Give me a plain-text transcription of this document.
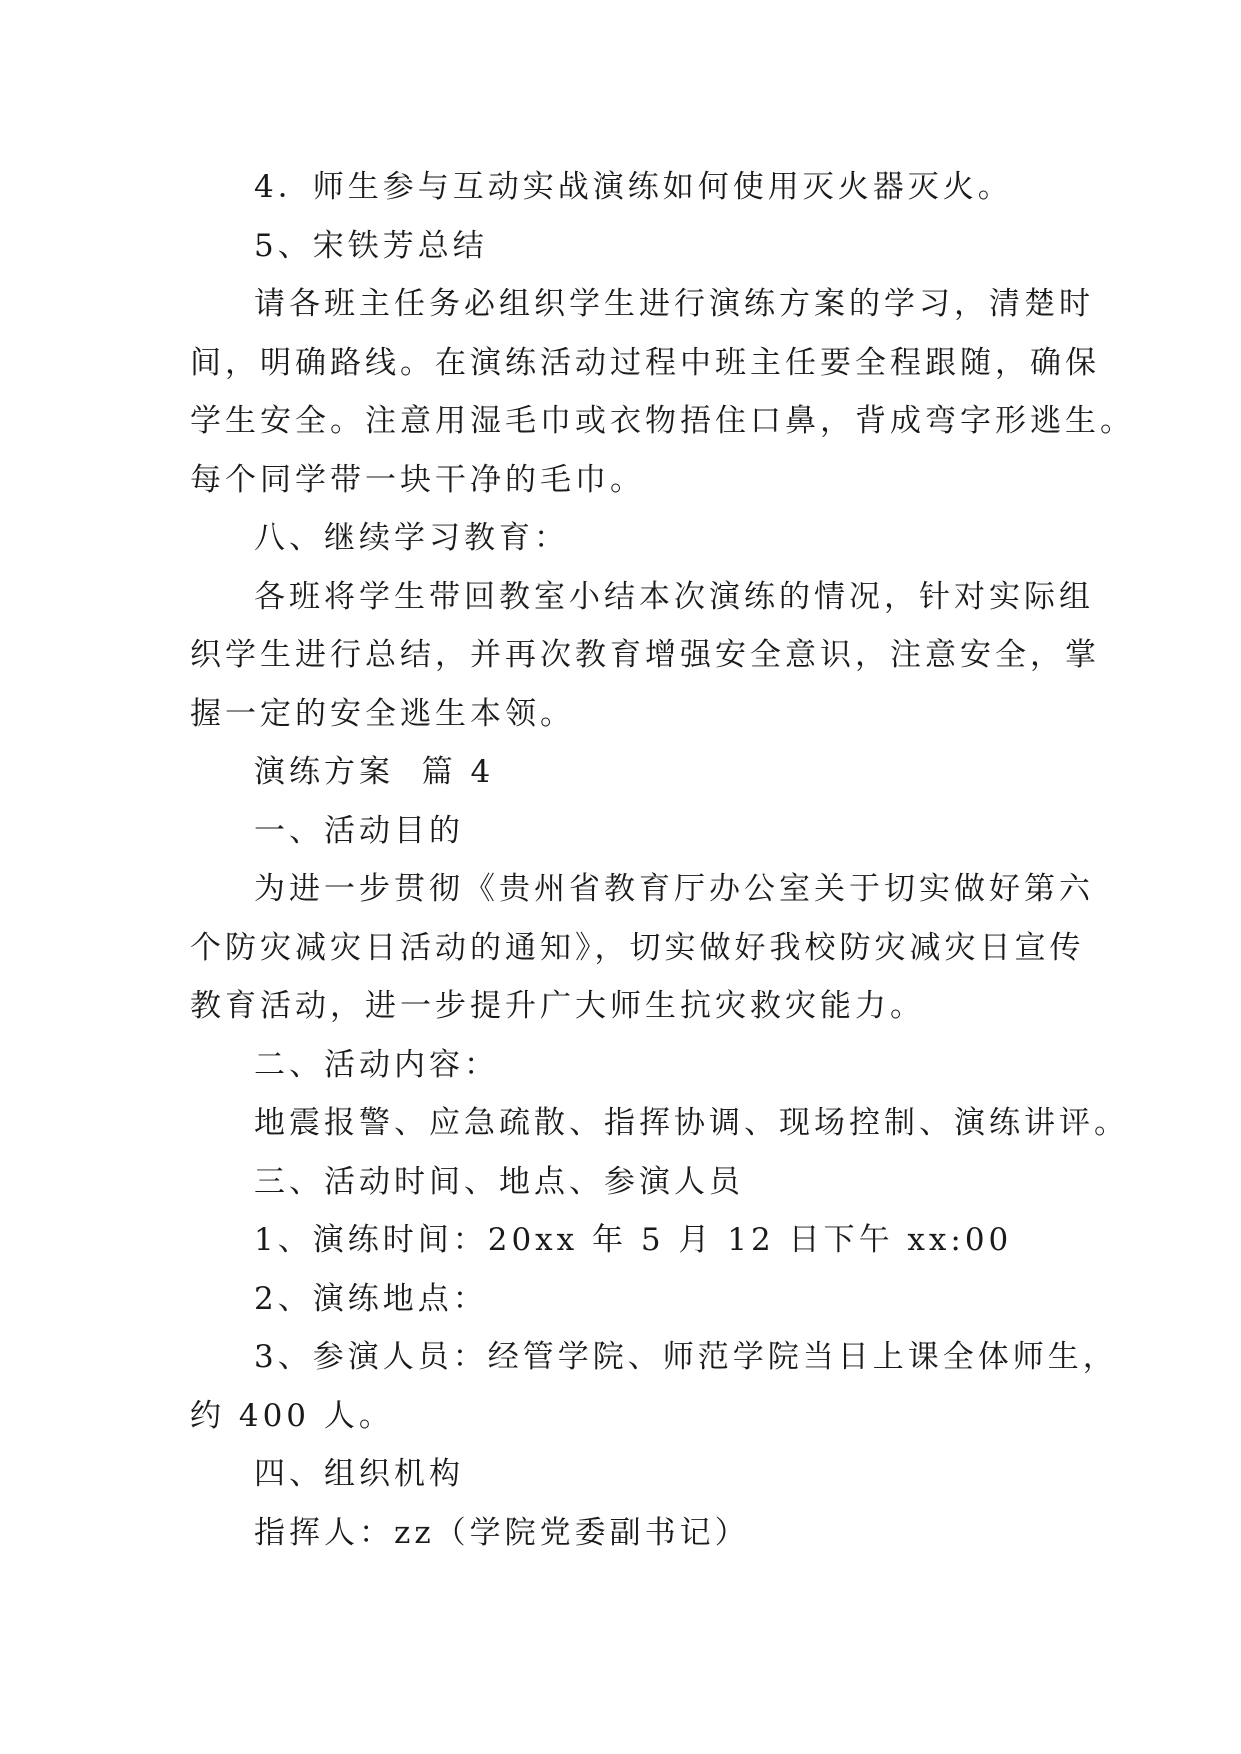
4．师生参与互动实战演练如何使用灭火器灭火。
5、宋铁芳总结
请各班主任务必组织学生进行演练方案的学习，清楚时
间，明确路线。在演练活动过程中班主任要全程跟随，确保
学生安全。注意用湿毛巾或衣物捂住口鼻，背成弯字形逃生。
每个同学带一块干净的毛巾。
八、继续学习教育：
各班将学生带回教室小结本次演练的情况，针对实际组
织学生进行总结，并再次教育增强安全意识，注意安全，掌
握一定的安全逃生本领。
演练方案  篇 4
一、活动目的
为进一步贯彻《贵州省教育厅办公室关于切实做好第六
个防灾减灾日活动的通知》，切实做好我校防灾减灾日宣传
教育活动，进一步提升广大师生抗灾救灾能力。
二、活动内容：
地震报警、应急疏散、指挥协调、现场控制、演练讲评。
三、活动时间、地点、参演人员
1、演练时间：20xx 年 5 月 12 日下午 xx:00
2、演练地点：
3、参演人员：经管学院、师范学院当日上课全体师生，
约 400 人。
四、组织机构
指挥人：zz（学院党委副书记）
